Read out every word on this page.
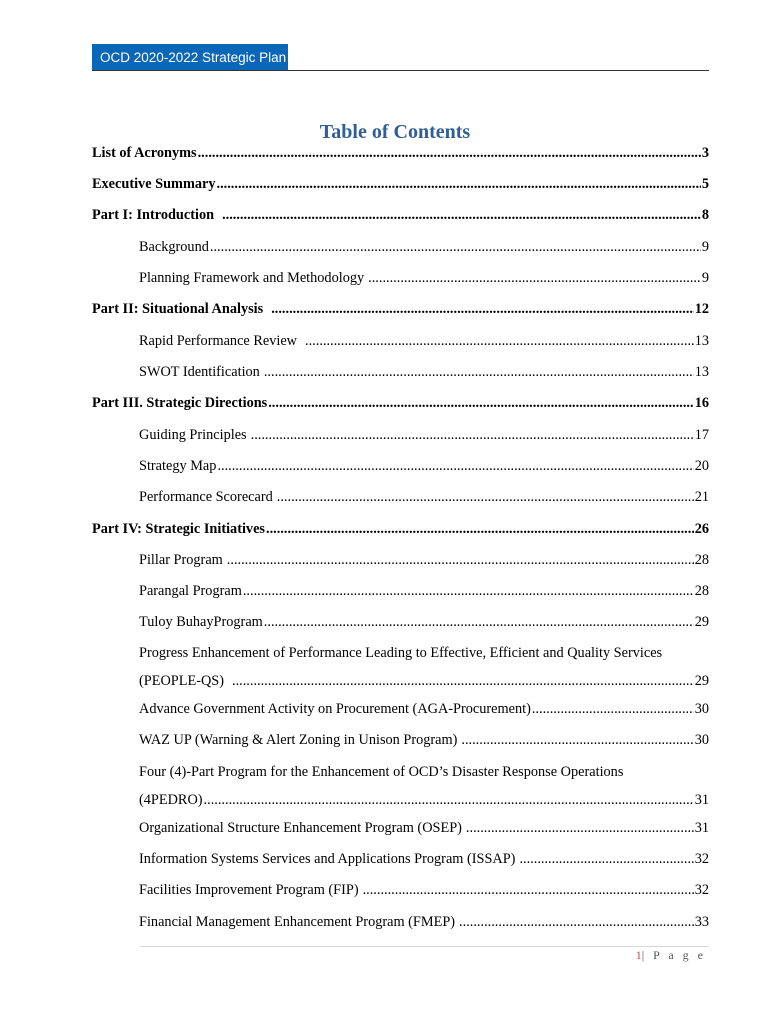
OCD 2020-2022 Strategic Plan
Table of Contents
List of Acronyms .....	3
Executive Summary .....	5
Part I: Introduction .....	8
Background .....	9
Planning Framework and Methodology .....	9
Part II: Situational Analysis .....	12
Rapid Performance Review .....	13
SWOT Identification .....	13
Part III. Strategic Directions .....	16
Guiding Principles .....	17
Strategy Map .....	20
Performance Scorecard .....	21
Part IV: Strategic Initiatives .....	26
Pillar Program .....	28
Parangal Program .....	28
Tuloy BuhayProgram .....	29
Progress Enhancement of Performance Leading to Effective, Efficient and Quality Services
(PEOPLE-QS) .....	29
Advance Government Activity on Procurement (AGA-Procurement) .....	30
WAZ UP (Warning & Alert Zoning in Unison Program) .....	30
Four (4)-Part Program for the Enhancement of OCD’s Disaster Response Operations
(4PEDRO) .....	31
Organizational Structure Enhancement Program (OSEP) .....	31
Information Systems Services and Applications Program (ISSAP) .....	32
Facilities Improvement Program (FIP) .....	32
Financial Management Enhancement Program (FMEP) .....	33
1| P a g e
